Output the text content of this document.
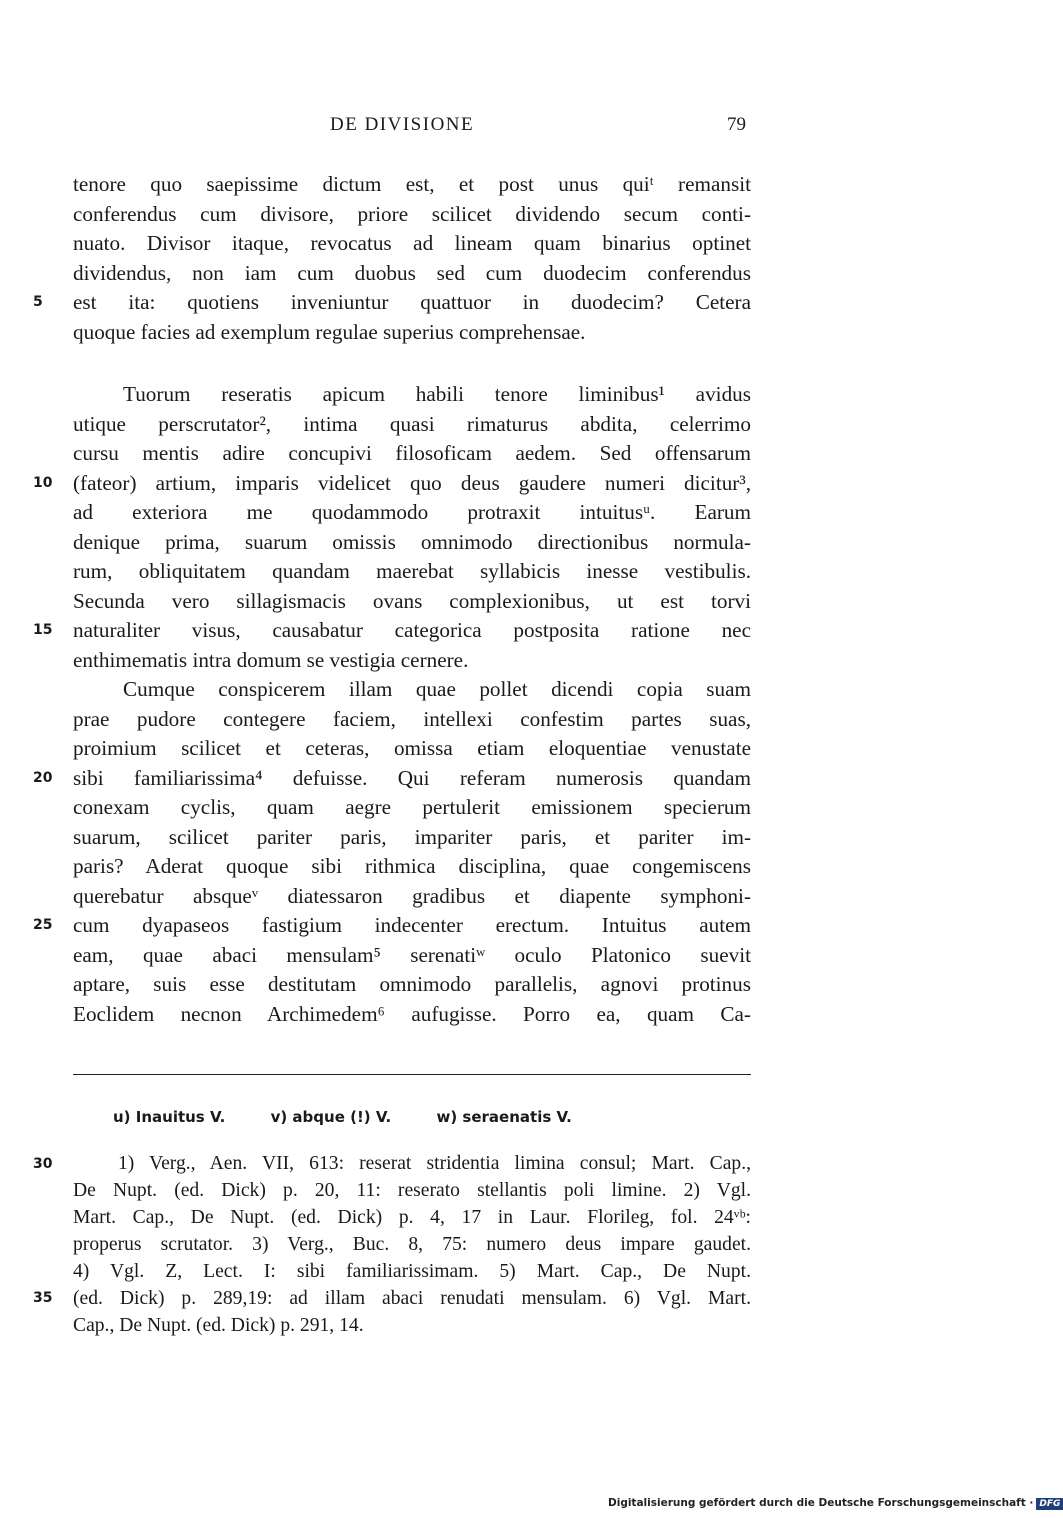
DE DIVISIONE	79
tenore quo saepissime dictum est, et post unus quiᵗ remansit
conferendus cum divisore, priore scilicet dividendo secum conti-
nuato. Divisor itaque, revocatus ad lineam quam binarius optinet
dividendus, non iam cum duobus sed cum duodecim conferendus
est ita: quotiens inveniuntur quattuor in duodecim? Cetera
quoque facies ad exemplum regulae superius comprehensae.
Tuorum reseratis apicum habili tenore liminibus¹ avidus
utique perscrutator², intima quasi rimaturus abdita, celerrimo
cursu mentis adire concupivi filosoficam aedem. Sed offensarum
(fateor) artium, imparis videlicet quo deus gaudere numeri dicitur³,
ad exteriora me quodammodo protraxit intuitusᵘ. Earum
denique prima, suarum omissis omnimodo directionibus normula-
rum, obliquitatem quandam maerebat syllabicis inesse vestibulis.
Secunda vero sillagismacis ovans complexionibus, ut est torvi
naturaliter visus, causabatur categorica postposita ratione nec
enthimematis intra domum se vestigia cernere.
Cumque conspicerem illam quae pollet dicendi copia suam
prae pudore contegere faciem, intellexi confestim partes suas,
proimium scilicet et ceteras, omissa etiam eloquentiae venustate
sibi familiarissima⁴ defuisse. Qui referam numerosis quandam
conexam cyclis, quam aegre pertulerit emissionem specierum
suarum, scilicet pariter paris, impariter paris, et pariter im-
paris? Aderat quoque sibi rithmica disciplina, quae congemiscens
querebatur absqueᵛ diatessaron gradibus et diapente symphoni-
cum dyapaseos fastigium indecenter erectum. Intuitus autem
eam, quae abaci mensulam⁵ serenatiʷ oculo Platonico suevit
aptare, suis esse destitutam omnimodo parallelis, agnovi protinus
Eoclidem necnon Archimedem⁶ aufugisse. Porro ea, quam Ca-
5
10
15
20
25
30
35
u) Inauitus V.	v) abque (!) V.	w) seraenatis V.
1) Verg., Aen. VII, 613: reserat stridentia limina consul; Mart. Cap.,
De Nupt. (ed. Dick) p. 20, 11: reserato stellantis poli limine. 2) Vgl.
Mart. Cap., De Nupt. (ed. Dick) p. 4, 17 in Laur. Florileg, fol. 24ᵛᵇ:
properus scrutator. 3) Verg., Buc. 8, 75: numero deus impare gaudet.
4) Vgl. Z, Lect. I: sibi familiarissimam. 5) Mart. Cap., De Nupt.
(ed. Dick) p. 289,19: ad illam abaci renudati mensulam. 6) Vgl. Mart.
Cap., De Nupt. (ed. Dick) p. 291, 14.
Digitalisierung gefördert durch die Deutsche Forschungsgemeinschaft · DFG
